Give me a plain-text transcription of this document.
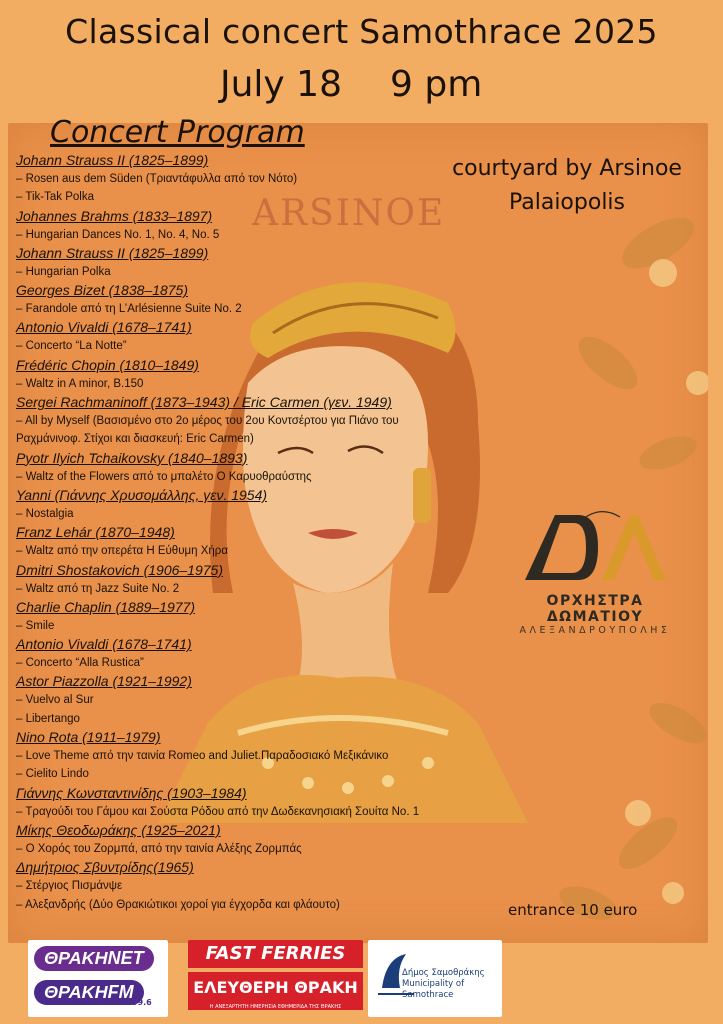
Classical concert Samothrace 2025
July 18 9 pm
ΟΡΧΗΣΤΡΑ ΔΩΜΑΤΙΟΥ
ΑΛΕΞΑΝΔΡΟΥΠΟΛΗΣ
ARSINOE
courtyard by Arsinoe
Palaiopolis
Concert Program
Johann Strauss II (1825–1899)
– Rosen aus dem Süden (Τριαντάφυλλα από τον Νότο)
– Tik-Tak Polka
Johannes Brahms (1833–1897)
– Hungarian Dances No. 1, No. 4, No. 5
Johann Strauss II (1825–1899)
– Hungarian Polka
Georges Bizet (1838–1875)
– Farandole από τη L’Arlésienne Suite No. 2
Antonio Vivaldi (1678–1741)
– Concerto “La Notte”
Frédéric Chopin (1810–1849)
– Waltz in A minor, B.150
Sergei Rachmaninoff (1873–1943) / Eric Carmen (γεν. 1949)
– All by Myself (Βασισμένο στο 2ο μέρος του 2ου Κοντσέρτου για Πιάνο του Ραχμάνινοφ. Στίχοι και διασκευή: Eric Carmen)
Pyotr Ilyich Tchaikovsky (1840–1893)
– Waltz of the Flowers από το μπαλέτο Ο Καρυοθραύστης
Yanni (Γιάννης Χρυσομάλλης, γεν. 1954)
– Nostalgia
Franz Lehár (1870–1948)
– Waltz από την οπερέτα Η Εύθυμη Χήρα
Dmitri Shostakovich (1906–1975)
– Waltz από τη Jazz Suite No. 2
Charlie Chaplin (1889–1977)
– Smile
Antonio Vivaldi (1678–1741)
– Concerto “Alla Rustica”
Astor Piazzolla (1921–1992)
– Vuelvo al Sur
– Libertango
Nino Rota (1911–1979)
– Love Theme από την ταινία Romeo and Juliet.Παραδοσιακό Μεξικάνικο
– Cielito Lindo
Γιάννης Κωνσταντινίδης (1903–1984)
– Τραγούδι του Γάμου και Σούστα Ρόδου από την Δωδεκανησιακή Σουίτα No. 1
Μίκης Θεοδωράκης (1925–2021)
– Ο Χορός του Ζορμπά, από την ταινία Αλέξης Ζορμπάς
Δημήτριος Σβυντρίδης(1965)
– Στέργιος Πισμάνψε
– Αλεξανδρής (Δύο Θρακιώτικοι χοροί για έγχορδα και φλάουτο)	entrance 10 euro
ΘΡΑΚΗNET
ΘΡΑΚΗFM
99.6
FAST FERRIES
ΕΛΕΥΘΕΡΗ ΘΡΑΚΗ
Η ΑΝΕΞΑΡΤΗΤΗ ΗΜΕΡΗΣΙΑ ΕΦΗΜΕΡΙΔΑ ΤΗΣ ΘΡΑΚΗΣ
Δήμος Σαμοθράκης
Municipality of Samothrace
